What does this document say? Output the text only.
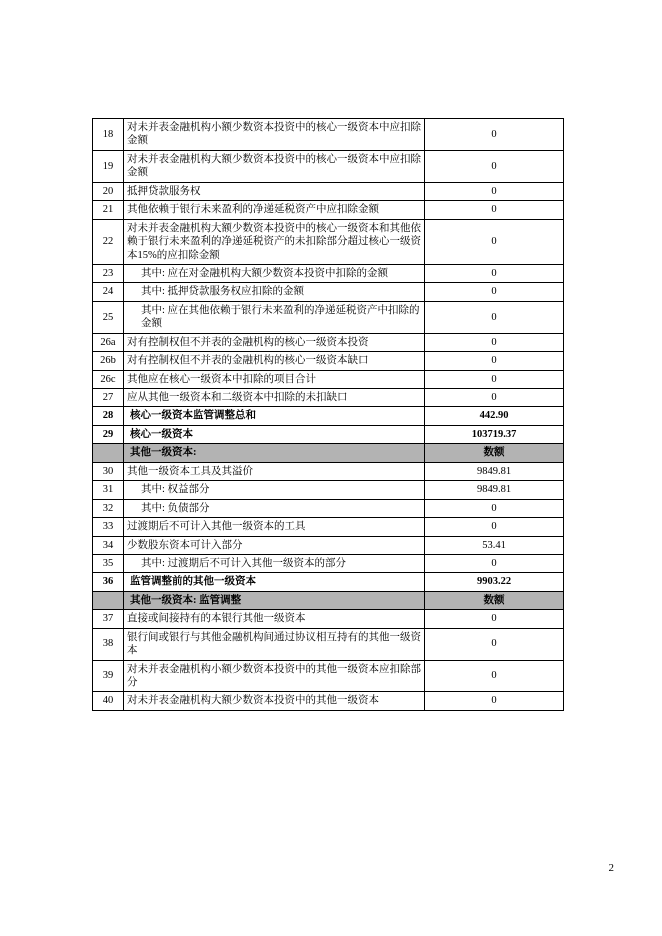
18	对未并表金融机构小额少数资本投资中的核心一级资本中应扣除金额	0
19	对未并表金融机构大额少数资本投资中的核心一级资本中应扣除金额	0
20	抵押贷款服务权	0
21	其他依赖于银行未来盈利的净递延税资产中应扣除金额	0
22	对未并表金融机构大额少数资本投资中的核心一级资本和其他依赖于银行未来盈利的净递延税资产的未扣除部分超过核心一级资本15%的应扣除金额	0
23	其中: 应在对金融机构大额少数资本投资中扣除的金额	0
24	其中: 抵押贷款服务权应扣除的金额	0
25	其中: 应在其他依赖于银行未来盈利的净递延税资产中扣除的金额	0
26a	对有控制权但不并表的金融机构的核心一级资本投资	0
26b	对有控制权但不并表的金融机构的核心一级资本缺口	0
26c	其他应在核心一级资本中扣除的项目合计	0
27	应从其他一级资本和二级资本中扣除的未扣缺口	0
28	核心一级资本监管调整总和	442.90
29	核心一级资本	103719.37
	其他一级资本:	数额
30	其他一级资本工具及其溢价	9849.81
31	其中: 权益部分	9849.81
32	其中: 负债部分	0
33	过渡期后不可计入其他一级资本的工具	0
34	少数股东资本可计入部分	53.41
35	其中: 过渡期后不可计入其他一级资本的部分	0
36	监管调整前的其他一级资本	9903.22
	其他一级资本: 监管调整	数额
37	直接或间接持有的本银行其他一级资本	0
38	银行间或银行与其他金融机构间通过协议相互持有的其他一级资本	0
39	对未并表金融机构小额少数资本投资中的其他一级资本应扣除部分	0
40	对未并表金融机构大额少数资本投资中的其他一级资本	0
2
